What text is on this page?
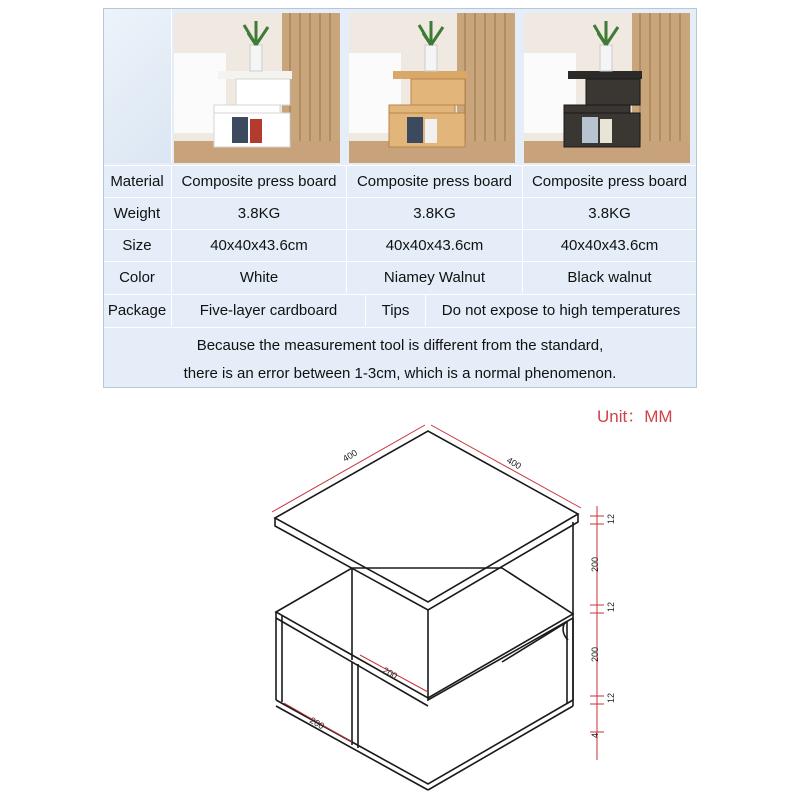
Material	Composite press board	Composite press board	Composite press board
Weight	3.8KG	3.8KG	3.8KG
Size	40x40x43.6cm	40x40x43.6cm	40x40x43.6cm
Color	White	Niamey Walnut	Black walnut
Package	Five-layer cardboard	Tips	Do not expose to high temperatures
Because the measurement tool is different from the standard,
there is an error between 1-3cm, which is a normal phenomenon.
Unit：MM
400	400
200
200
12
200
12
200
12
4
